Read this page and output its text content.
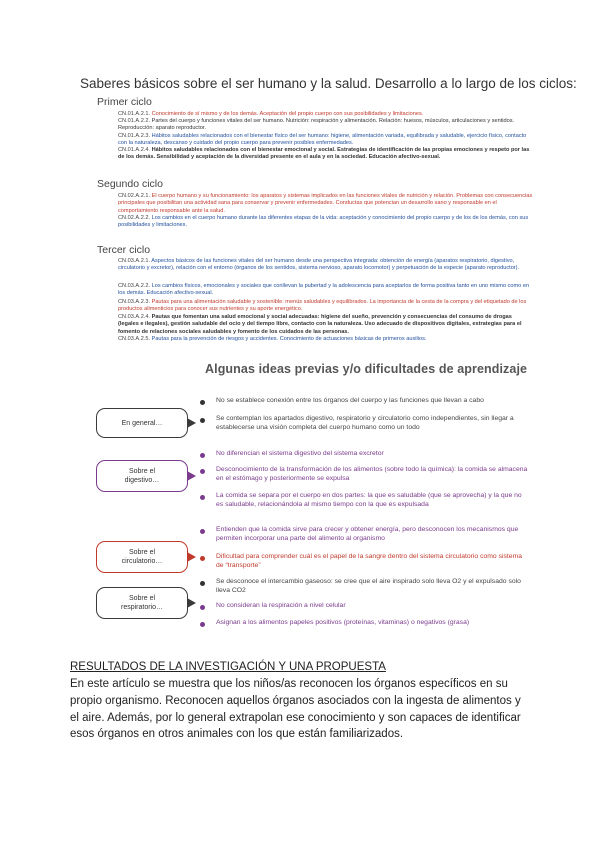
Saberes básicos sobre el ser humano y la salud. Desarrollo a lo largo de los ciclos:
Primer ciclo
CN.01.A.2.1. Conocimiento de sí mismo y de los demás. Aceptación del propio cuerpo con sus posibilidades y limitaciones.
CN.01.A.2.2. Partes del cuerpo y funciones vitales del ser humano. Nutrición: respiración y alimentación. Relación: huesos, músculos, articulaciones y sentidos. Reproducción: aparato reproductor.
CN.01.A.2.3. Hábitos saludables relacionados con el bienestar físico del ser humano: higiene, alimentación variada, equilibrada y saludable, ejercicio físico, contacto con la naturaleza, descanso y cuidado del propio cuerpo para prevenir posibles enfermedades.
CN.01.A.2.4. Hábitos saludables relacionados con el bienestar emocional y social. Estrategias de identificación de las propias emociones y respeto por las de los demás. Sensibilidad y aceptación de la diversidad presente en el aula y en la sociedad. Educación afectivo-sexual.
Segundo ciclo
CN.02.A.2.1. El cuerpo humano y su funcionamiento: los aparatos y sistemas implicados en las funciones vitales de nutrición y relación. Problemas con consecuencias principales que posibilitan una actividad sana para conservar y prevenir enfermedades. Conductas que potencian un desarrollo sano y responsable en el comportamiento responsable ante la salud.
CN.02.A.2.2. Los cambios en el cuerpo humano durante las diferentes etapas de la vida: aceptación y conocimiento del propio cuerpo y de los de los demás, con sus posibilidades y limitaciones.
Tercer ciclo
CN.03.A.2.1. Aspectos básicos de las funciones vitales del ser humano desde una perspectiva integrada: obtención de energía (aparatos respiratorio, digestivo, circulatorio y excretor), relación con el entorno (órganos de los sentidos, sistema nervioso, aparato locomotor) y perpetuación de la especie (aparato reproductor).
CN.03.A.2.2. Los cambios físicos, emocionales y sociales que conllevan la pubertad y la adolescencia para aceptarlos de forma positiva tanto en uno mismo como en los demás. Educación afectivo-sexual.
CN.03.A.2.3. Pautas para una alimentación saludable y sostenible: menús saludables y equilibrados. La importancia de la cesta de la compra y del etiquetado de los productos alimenticios para conocer sus nutrientes y su aporte energético.
CN.03.A.2.4. Pautas que fomentan una salud emocional y social adecuadas: higiene del sueño, prevención y consecuencias del consumo de drogas (legales e ilegales), gestión saludable del ocio y del tiempo libre, contacto con la naturaleza. Uso adecuado de dispositivos digitales, estrategias para el fomento de relaciones sociales saludables y fomento de los cuidados de las personas.
CN.03.A.2.5. Pautas para la prevención de riesgos y accidentes. Conocimiento de actuaciones básicas de primeros auxilios.
Algunas ideas previas y/o dificultades de aprendizaje
No se establece conexión entre los órganos del cuerpo y las funciones que llevan a cabo
Se contemplan los apartados digestivo, respiratorio y circulatorio como independientes, sin llegar a establecerse una visión completa del cuerpo humano como un todo
No diferencian el sistema digestivo del sistema excretor
Desconocimiento de la transformación de los alimentos (sobre todo la química): la comida se almacena en el estómago y posteriormente se expulsa
La comida se separa por el cuerpo en dos partes: la que es saludable (que se aprovecha) y la que no es saludable, relacionándola al mismo tiempo con la que es expulsada
Entienden que la comida sirve para crecer y obtener energía, pero desconocen los mecanismos que permiten incorporar una parte del alimento al organismo
Dificultad para comprender cuál es el papel de la sangre dentro del sistema circulatorio como sistema de “transporte”
Se desconoce el intercambio gaseoso: se cree que el aire inspirado solo lleva O2 y el expulsado solo lleva CO2
No consideran la respiración a nivel celular
Asignan a los alimentos papeles positivos (proteínas, vitaminas) o negativos (grasa)
En general…
Sobre el digestivo…
Sobre el circulatorio…
Sobre el respiratorio…
RESULTADOS DE LA INVESTIGACIÓN Y UNA PROPUESTA
En este artículo se muestra que los niños/as reconocen los órganos específicos en su propio organismo. Reconocen aquellos órganos asociados con la ingesta de alimentos y el aire. Además, por lo general extrapolan ese conocimiento y son capaces de identificar esos órganos en otros animales con los que están familiarizados.
